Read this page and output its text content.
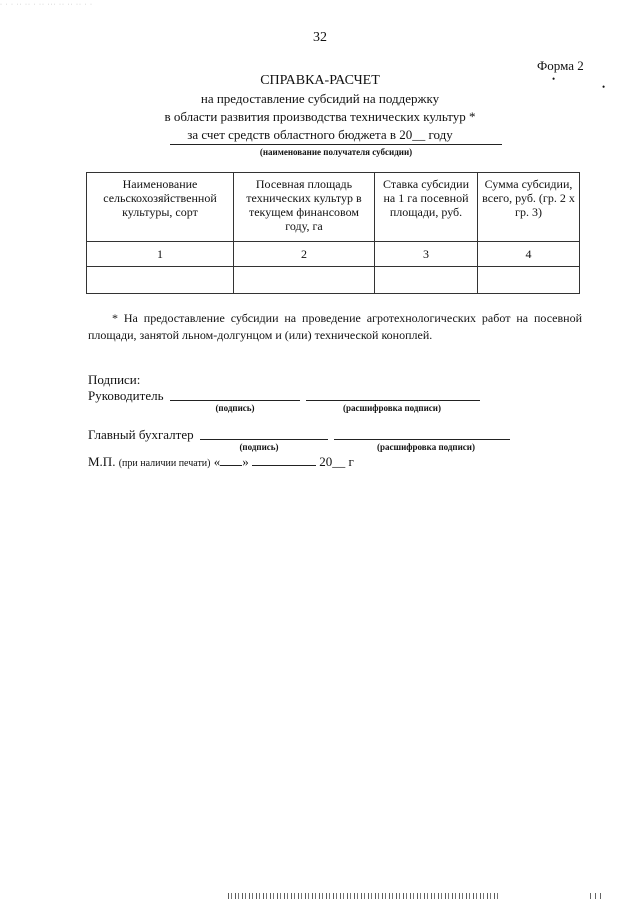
· · · ·· ·· · ·· ··· ·· ·· ·· · ·
32
Форма 2
•
•
СПРАВКА-РАСЧЕТ
на предоставление субсидий на поддержку
в области развития производства технических культур *
за счет средств областного бюджета в 20__ году
(наименование получателя субсидии)
Наименование сельскохозяйственной культуры, сорт	Посевная площадь технических культур в текущем финансовом году, га	Ставка субсидии на 1 га посевной площади, руб.	Сумма субсидии, всего, руб. (гр. 2 х гр. 3)
1	2	3	4

* На предоставление субсидии на проведение агротехнологических работ на посевной площади, занятой льном-долгунцом и (или) технической коноплей.
Подписи:
Руководитель
(подпись)	(расшифровка подписи)
Главный бухгалтер
(подпись)	(расшифровка подписи)
М.П. (при наличии печати) « »	20__ г
